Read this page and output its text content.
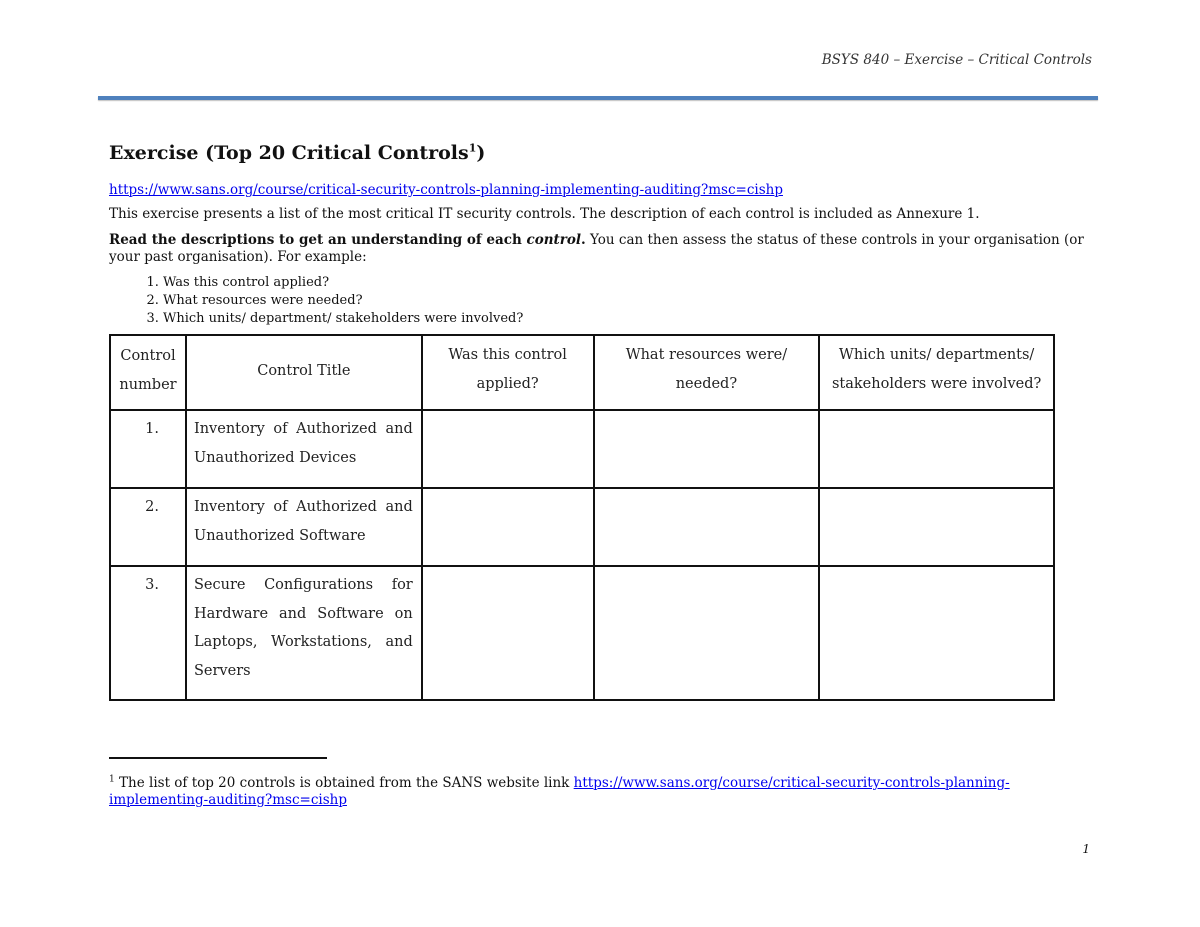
BSYS 840 – Exercise – Critical Controls
Exercise (Top 20 Critical Controls$^1$)
https://www.sans.org/course/critical-security-controls-planning-implementing-auditing?msc=cishp

This exercise presents a list of the most critical IT security controls. The description of each control is included as Annexure 1.

Read the descriptions to get an understanding of each control. You can then assess the status of these controls in your organisation (or your past organisation). For example:

1. Was this control applied?
2. What resources were needed?
3. Which units/ department/ stakeholders were involved?
Control number	Control Title	Was this control applied?	What resources were/ needed?	Which units/ departments/ stakeholders were involved?
1.	Inventory of Authorized and Unauthorized Devices			
2.	Inventory of Authorized and Unauthorized Software			
3.	Secure Configurations for Hardware and Software on Laptops, Workstations, and Servers			
$^1$ The list of top 20 controls is obtained from the SANS website link https://www.sans.org/course/critical-security-controls-planning-implementing-auditing?msc=cishp
1
